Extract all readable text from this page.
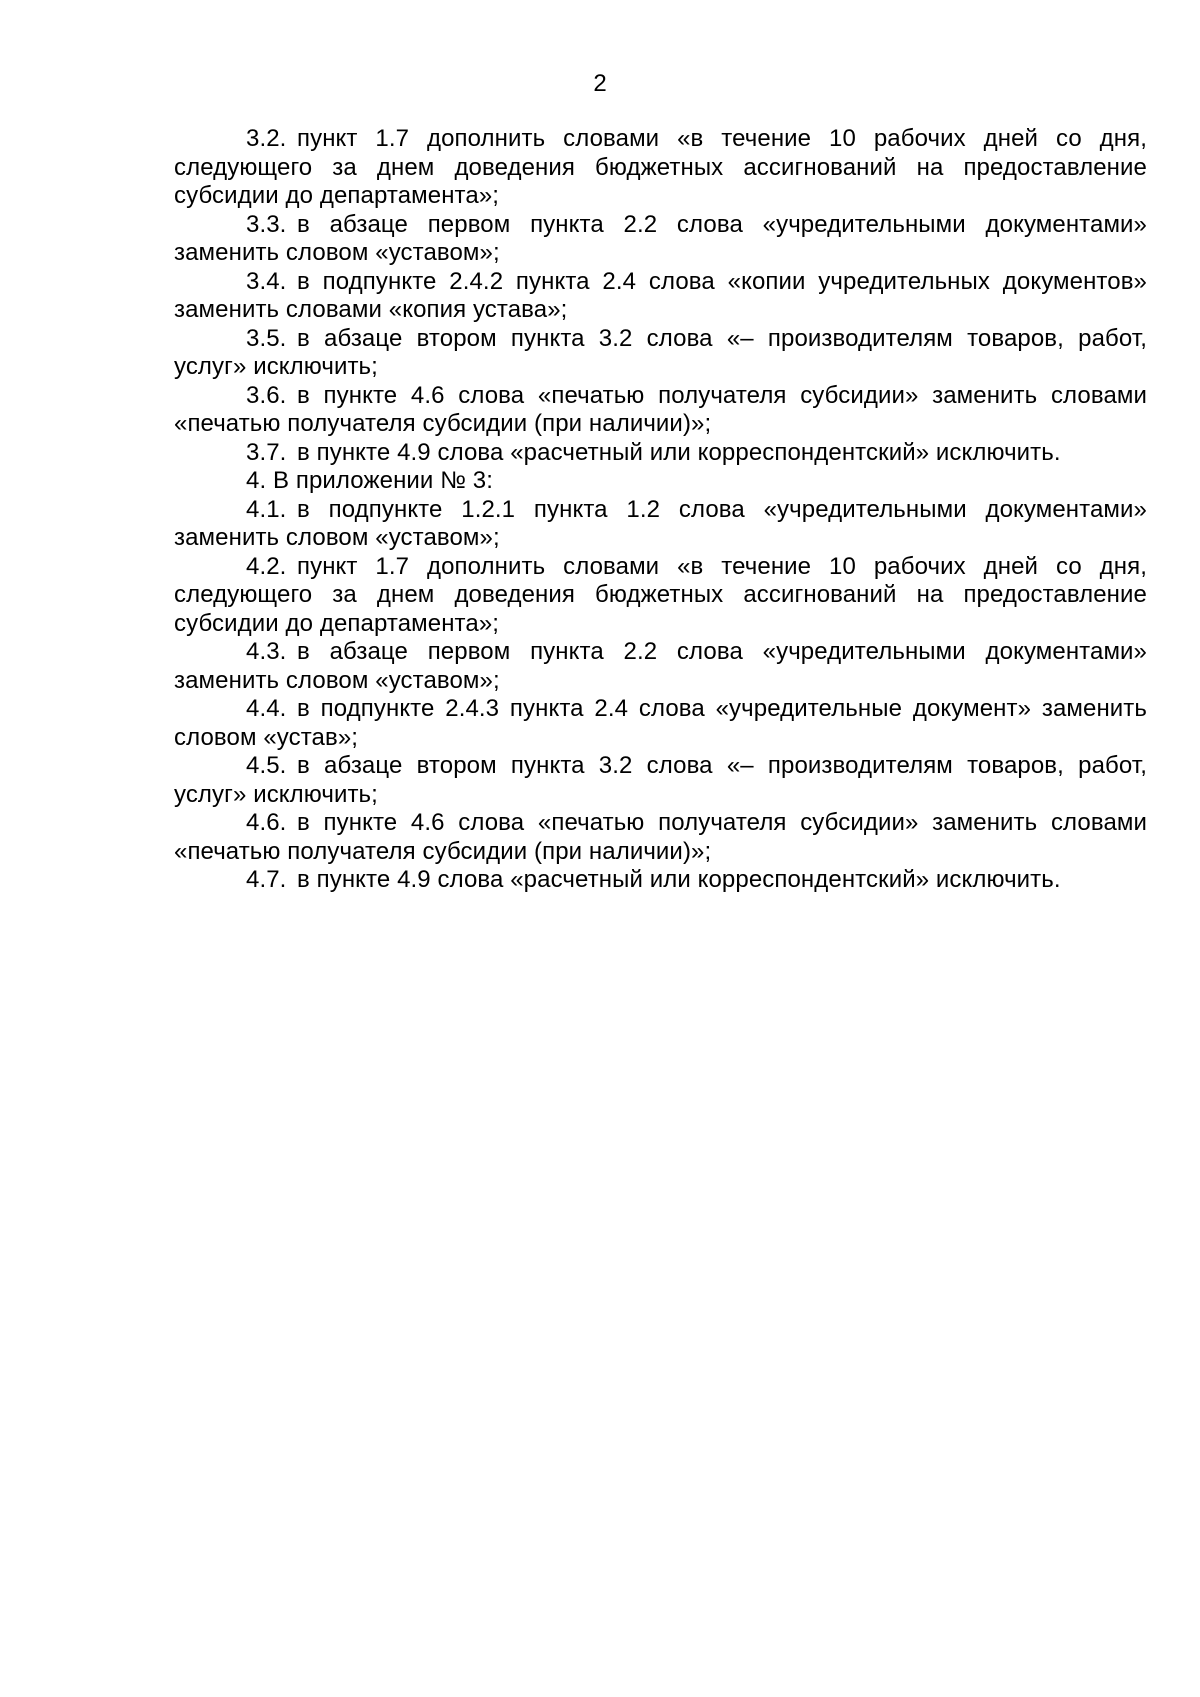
2

3.2. пункт 1.7 дополнить словами «в течение 10 рабочих дней со дня, следующего за днем доведения бюджетных ассигнований на предоставление субсидии до департамента»;

3.3. в абзаце первом пункта 2.2 слова «учредительными документами» заменить словом «уставом»;

3.4. в подпункте 2.4.2 пункта 2.4 слова «копии учредительных документов» заменить словами «копия устава»;

3.5. в абзаце втором пункта 3.2 слова «– производителям товаров, работ, услуг» исключить;

3.6. в пункте 4.6 слова «печатью получателя субсидии» заменить словами «печатью получателя субсидии (при наличии)»;

3.7. в пункте 4.9 слова «расчетный или корреспондентский» исключить.

4. В приложении № 3:

4.1. в подпункте 1.2.1 пункта 1.2 слова «учредительными документами» заменить словом «уставом»;

4.2. пункт 1.7 дополнить словами «в течение 10 рабочих дней со дня, следующего за днем доведения бюджетных ассигнований на предоставление субсидии до департамента»;

4.3. в абзаце первом пункта 2.2 слова «учредительными документами» заменить словом «уставом»;

4.4. в подпункте 2.4.3 пункта 2.4 слова «учредительные документ» заменить словом «устав»;

4.5. в абзаце втором пункта 3.2 слова «– производителям товаров, работ, услуг» исключить;

4.6. в пункте 4.6 слова «печатью получателя субсидии» заменить словами «печатью получателя субсидии (при наличии)»;

4.7. в пункте 4.9 слова «расчетный или корреспондентский» исключить.
